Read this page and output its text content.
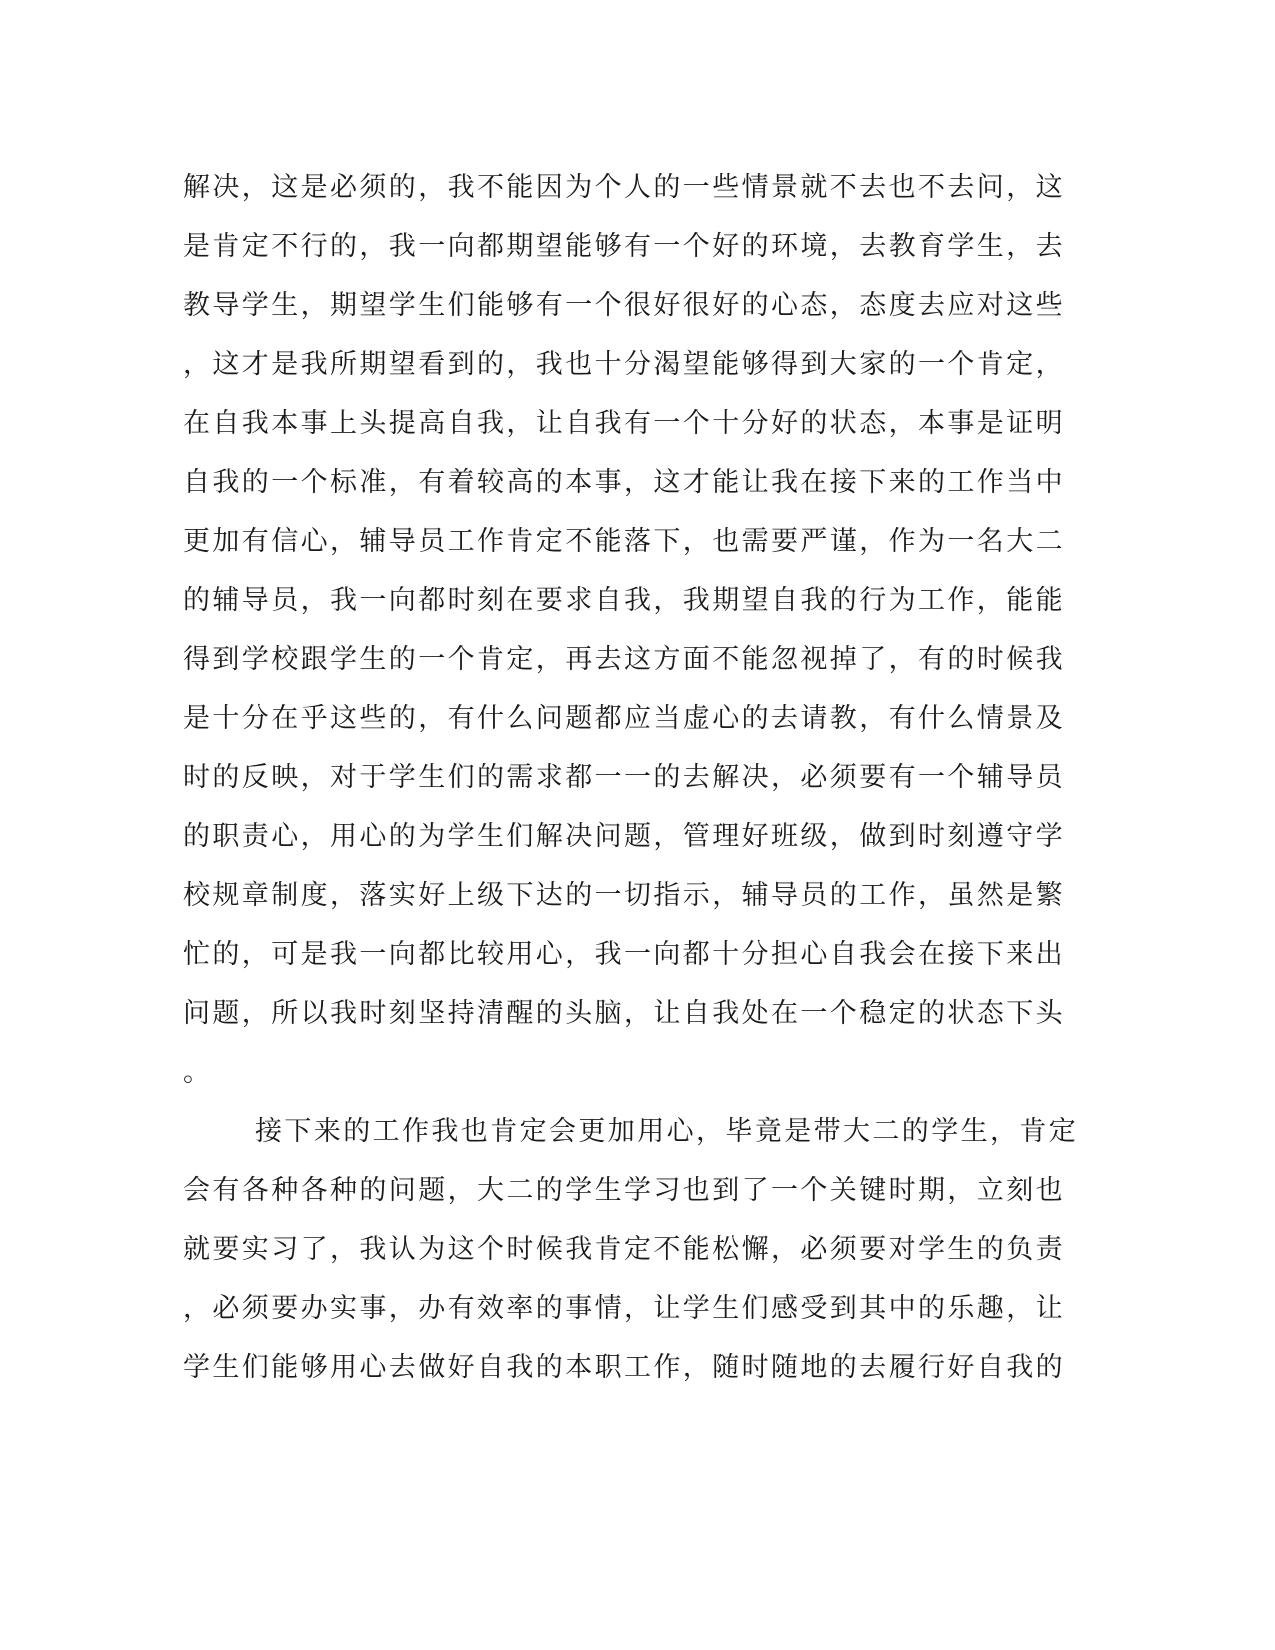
解决，这是必须的，我不能因为个人的一些情景就不去也不去问，这
是肯定不行的，我一向都期望能够有一个好的环境，去教育学生，去
教导学生，期望学生们能够有一个很好很好的心态，态度去应对这些
，这才是我所期望看到的，我也十分渴望能够得到大家的一个肯定，
在自我本事上头提高自我，让自我有一个十分好的状态，本事是证明
自我的一个标准，有着较高的本事，这才能让我在接下来的工作当中
更加有信心，辅导员工作肯定不能落下，也需要严谨，作为一名大二
的辅导员，我一向都时刻在要求自我，我期望自我的行为工作，能能
得到学校跟学生的一个肯定，再去这方面不能忽视掉了，有的时候我
是十分在乎这些的，有什么问题都应当虚心的去请教，有什么情景及
时的反映，对于学生们的需求都一一的去解决，必须要有一个辅导员
的职责心，用心的为学生们解决问题，管理好班级，做到时刻遵守学
校规章制度，落实好上级下达的一切指示，辅导员的工作，虽然是繁
忙的，可是我一向都比较用心，我一向都十分担心自我会在接下来出
问题，所以我时刻坚持清醒的头脑，让自我处在一个稳定的状态下头
。
接下来的工作我也肯定会更加用心，毕竟是带大二的学生，肯定
会有各种各种的问题，大二的学生学习也到了一个关键时期，立刻也
就要实习了，我认为这个时候我肯定不能松懈，必须要对学生的负责
，必须要办实事，办有效率的事情，让学生们感受到其中的乐趣，让
学生们能够用心去做好自我的本职工作，随时随地的去履行好自我的
